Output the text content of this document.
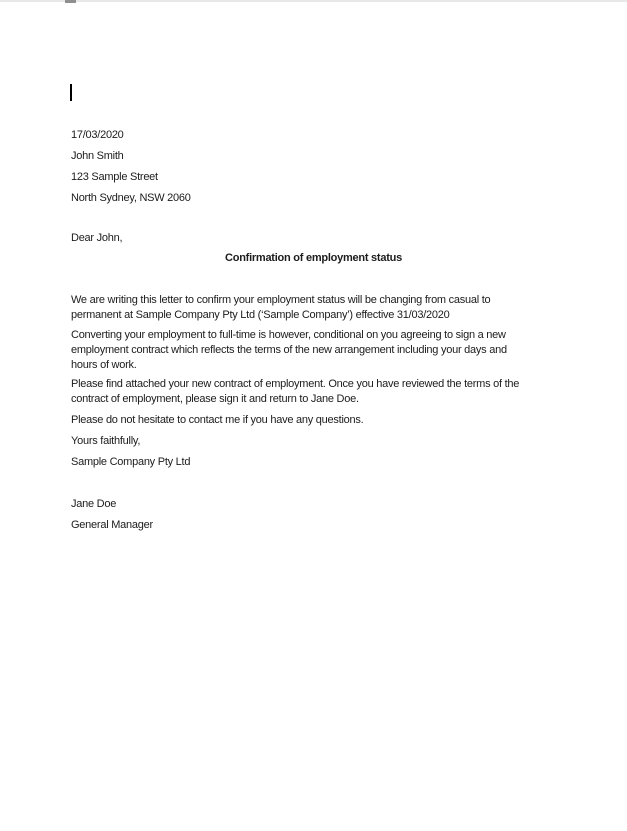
17/03/2020
John Smith
123 Sample Street
North Sydney, NSW 2060
Dear John,
Confirmation of employment status
We are writing this letter to confirm your employment status will be changing from casual to
permanent at Sample Company Pty Ltd (‘Sample Company’) effective 31/03/2020
Converting your employment to full-time is however, conditional on you agreeing to sign a new
employment contract which reflects the terms of the new arrangement including your days and
hours of work.
Please find attached your new contract of employment. Once you have reviewed the terms of the
contract of employment, please sign it and return to Jane Doe.
Please do not hesitate to contact me if you have any questions.
Yours faithfully,
Sample Company Pty Ltd
Jane Doe
General Manager
